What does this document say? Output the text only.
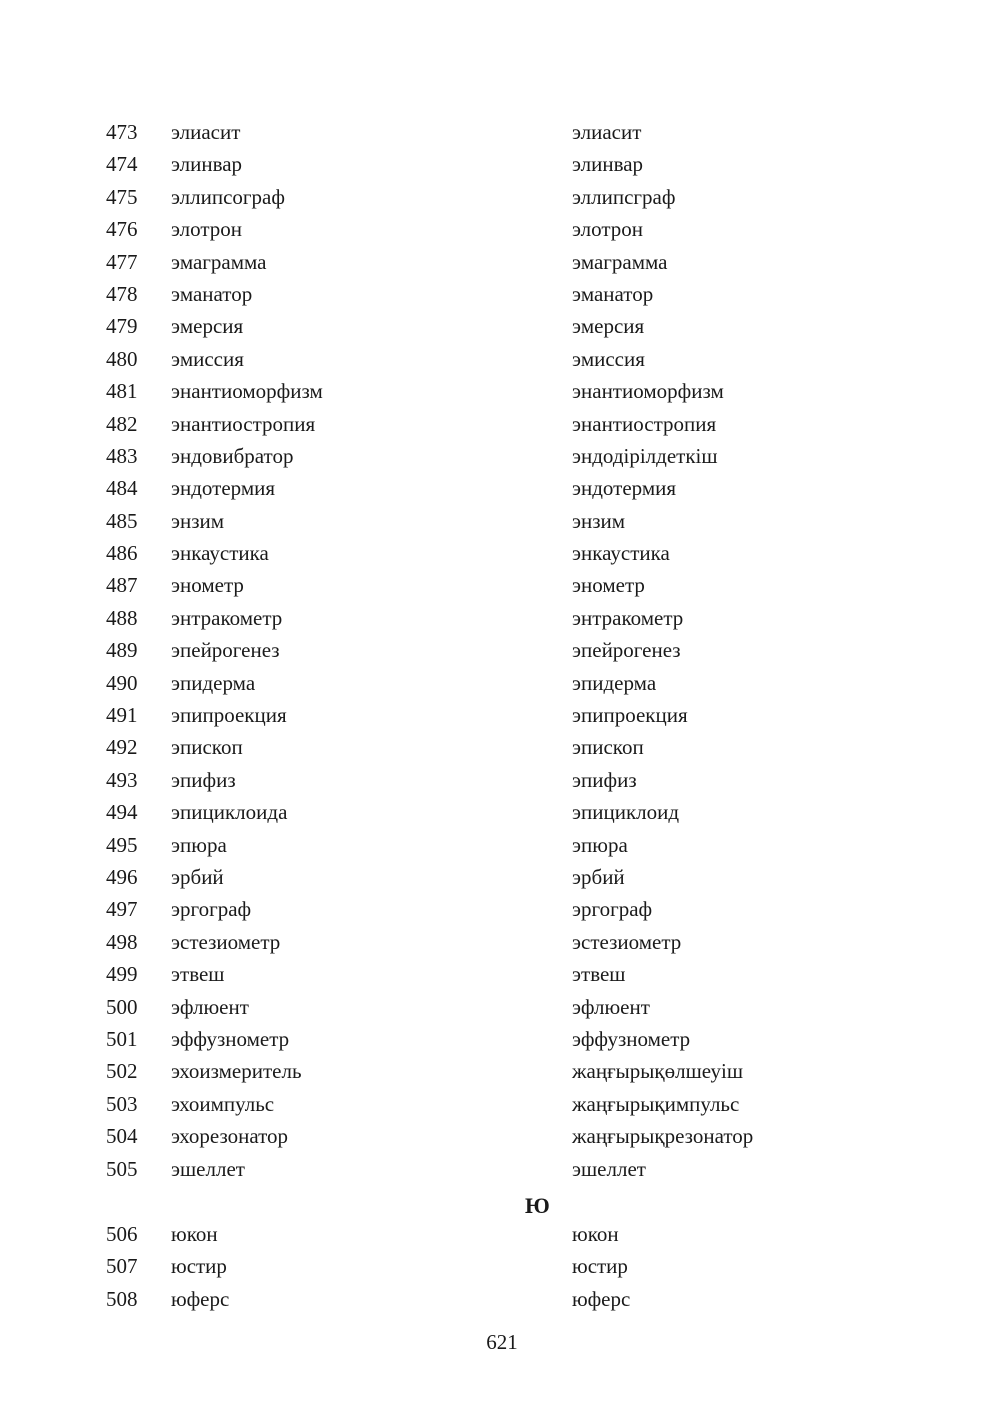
473 элиасит	элиасит
474 элинвар	элинвар
475 эллипсограф	эллипсграф
476 элотрон	элотрон
477 эмаграмма	эмаграмма
478 эманатор	эманатор
479 эмерсия	эмерсия
480 эмиссия	эмиссия
481 энантиоморфизм	энантиоморфизм
482 энантиостропия	энантиостропия
483 эндовибратор	эндодірілдеткіш
484 эндотермия	эндотермия
485 энзим	энзим
486 энкаустика	энкаустика
487 энометр	энометр
488 энтракометр	энтракометр
489 эпейрогенез	эпейрогенез
490 эпидерма	эпидерма
491 эпипроекция	эпипроекция
492 эпископ	эпископ
493 эпифиз	эпифиз
494 эпициклоида	эпициклоид
495 эпюра	эпюра
496 эрбий	эрбий
497 эргограф	эргограф
498 эстезиометр	эстезиометр
499 этвеш	этвеш
500 эфлюент	эфлюент
501 эффузнометр	эффузнометр
502 эхоизмеритель	жаңғырықөлшеуіш
503 эхоимпульс	жаңғырықимпульс
504 эхорезонатор	жаңғырықрезонатор
505 эшеллет	эшеллет
Ю
506 юкон	юкон
507 юстир	юстир
508 юферс	юферс
621
